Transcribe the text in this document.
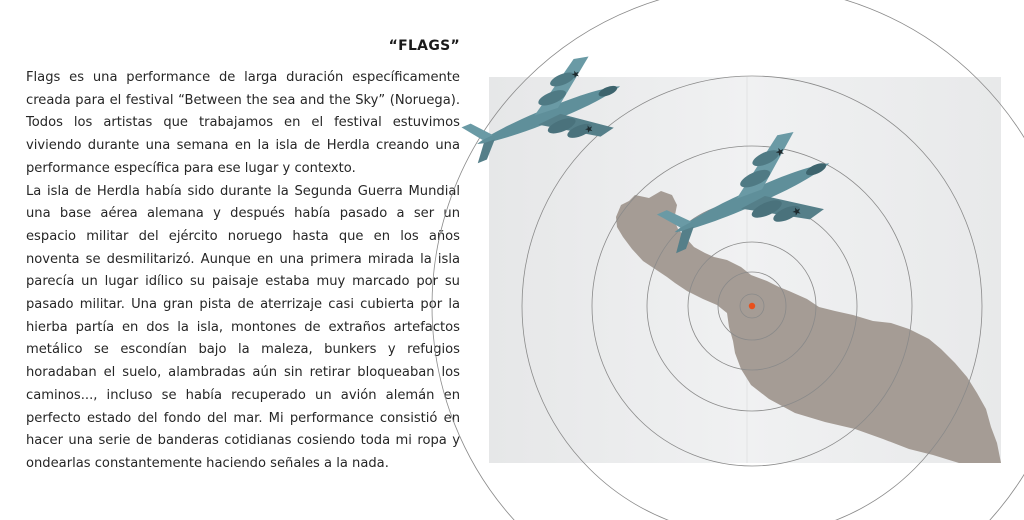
“FLAGS”

Flags es una performance de larga duración específicamente creada para el festival “Between the sea and the Sky” (Noruega). Todos los artistas que trabajamos en el festival estuvimos viviendo durante una semana en la isla de Herdla creando una performance específica para ese lugar y contexto.

La isla de Herdla había sido durante la Segunda Guerra Mundial una base aérea alemana y después había pasado a ser un espacio militar del ejército noruego hasta que en los años noventa se desmilitarizó. Aunque en una primera mirada la isla parecía un lugar idílico su paisaje estaba muy marcado por su pasado militar. Una gran pista de aterrizaje casi cubierta por la hierba partía en dos la isla, montones de extraños artefactos metálico se escondían bajo la maleza, bunkers y refugios horadaban el suelo, alambradas aún sin retirar bloqueaban los caminos..., incluso se había recuperado un avión alemán en perfecto estado del fondo del mar. Mi performance consistió en hacer una serie de banderas cotidianas cosiendo toda mi ropa y ondearlas constantemente haciendo señales a la nada.

★
